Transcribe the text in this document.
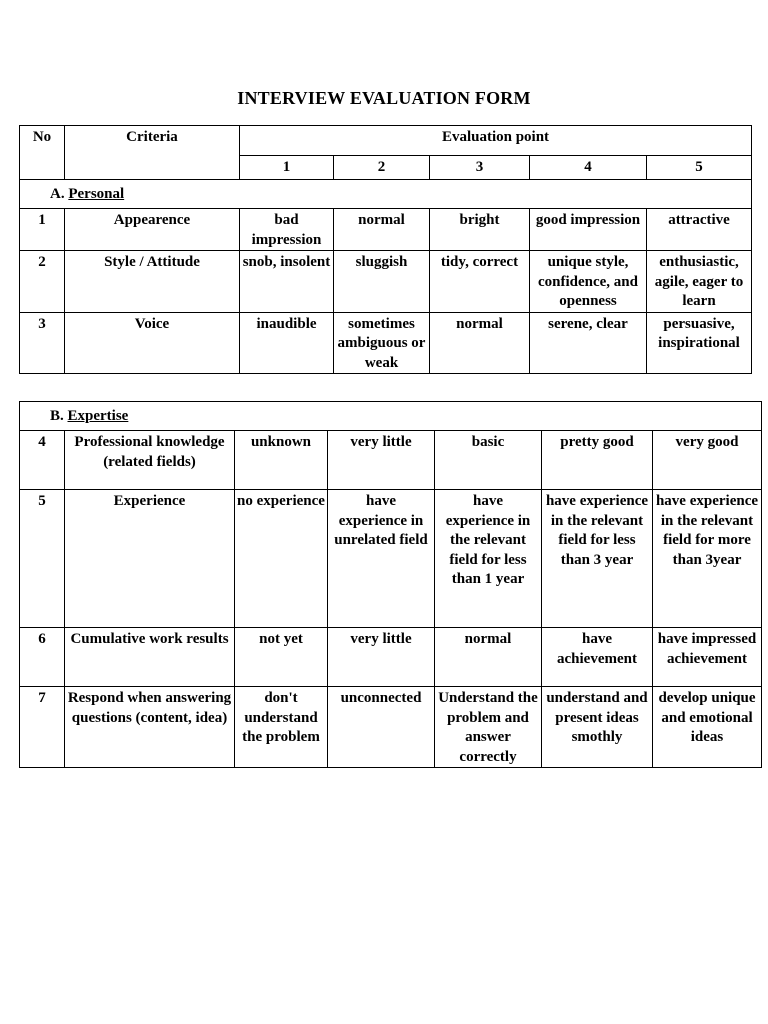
INTERVIEW EVALUATION FORM
No	Criteria	Evaluation point				
		1	2	3	4	5
A. Personal						
1	Appearence	bad impression	normal	bright	good impression	attractive
2	Style / Attitude	snob, insolent	sluggish	tidy, correct	unique style, confidence, and openness	enthusiastic, agile, eager to learn
3	Voice	inaudible	sometimes ambiguous or weak	normal	serene, clear	persuasive, inspirational
B. Expertise						
4	Professional knowledge (related fields)	unknown	very little	basic	pretty good	very good
5	Experience	no experience	have experience in unrelated field	have experience in the relevant field for less than 1 year	have experience in the relevant field for less than 3 year	have experience in the relevant field for more than 3year
6	Cumulative work results	not yet	very little	normal	have achievement	have impressed achievement
7	Respond when answering questions (content, idea)	don't understand the problem	unconnected	Understand the problem and answer correctly	understand and present ideas smothly	develop unique and emotional ideas
